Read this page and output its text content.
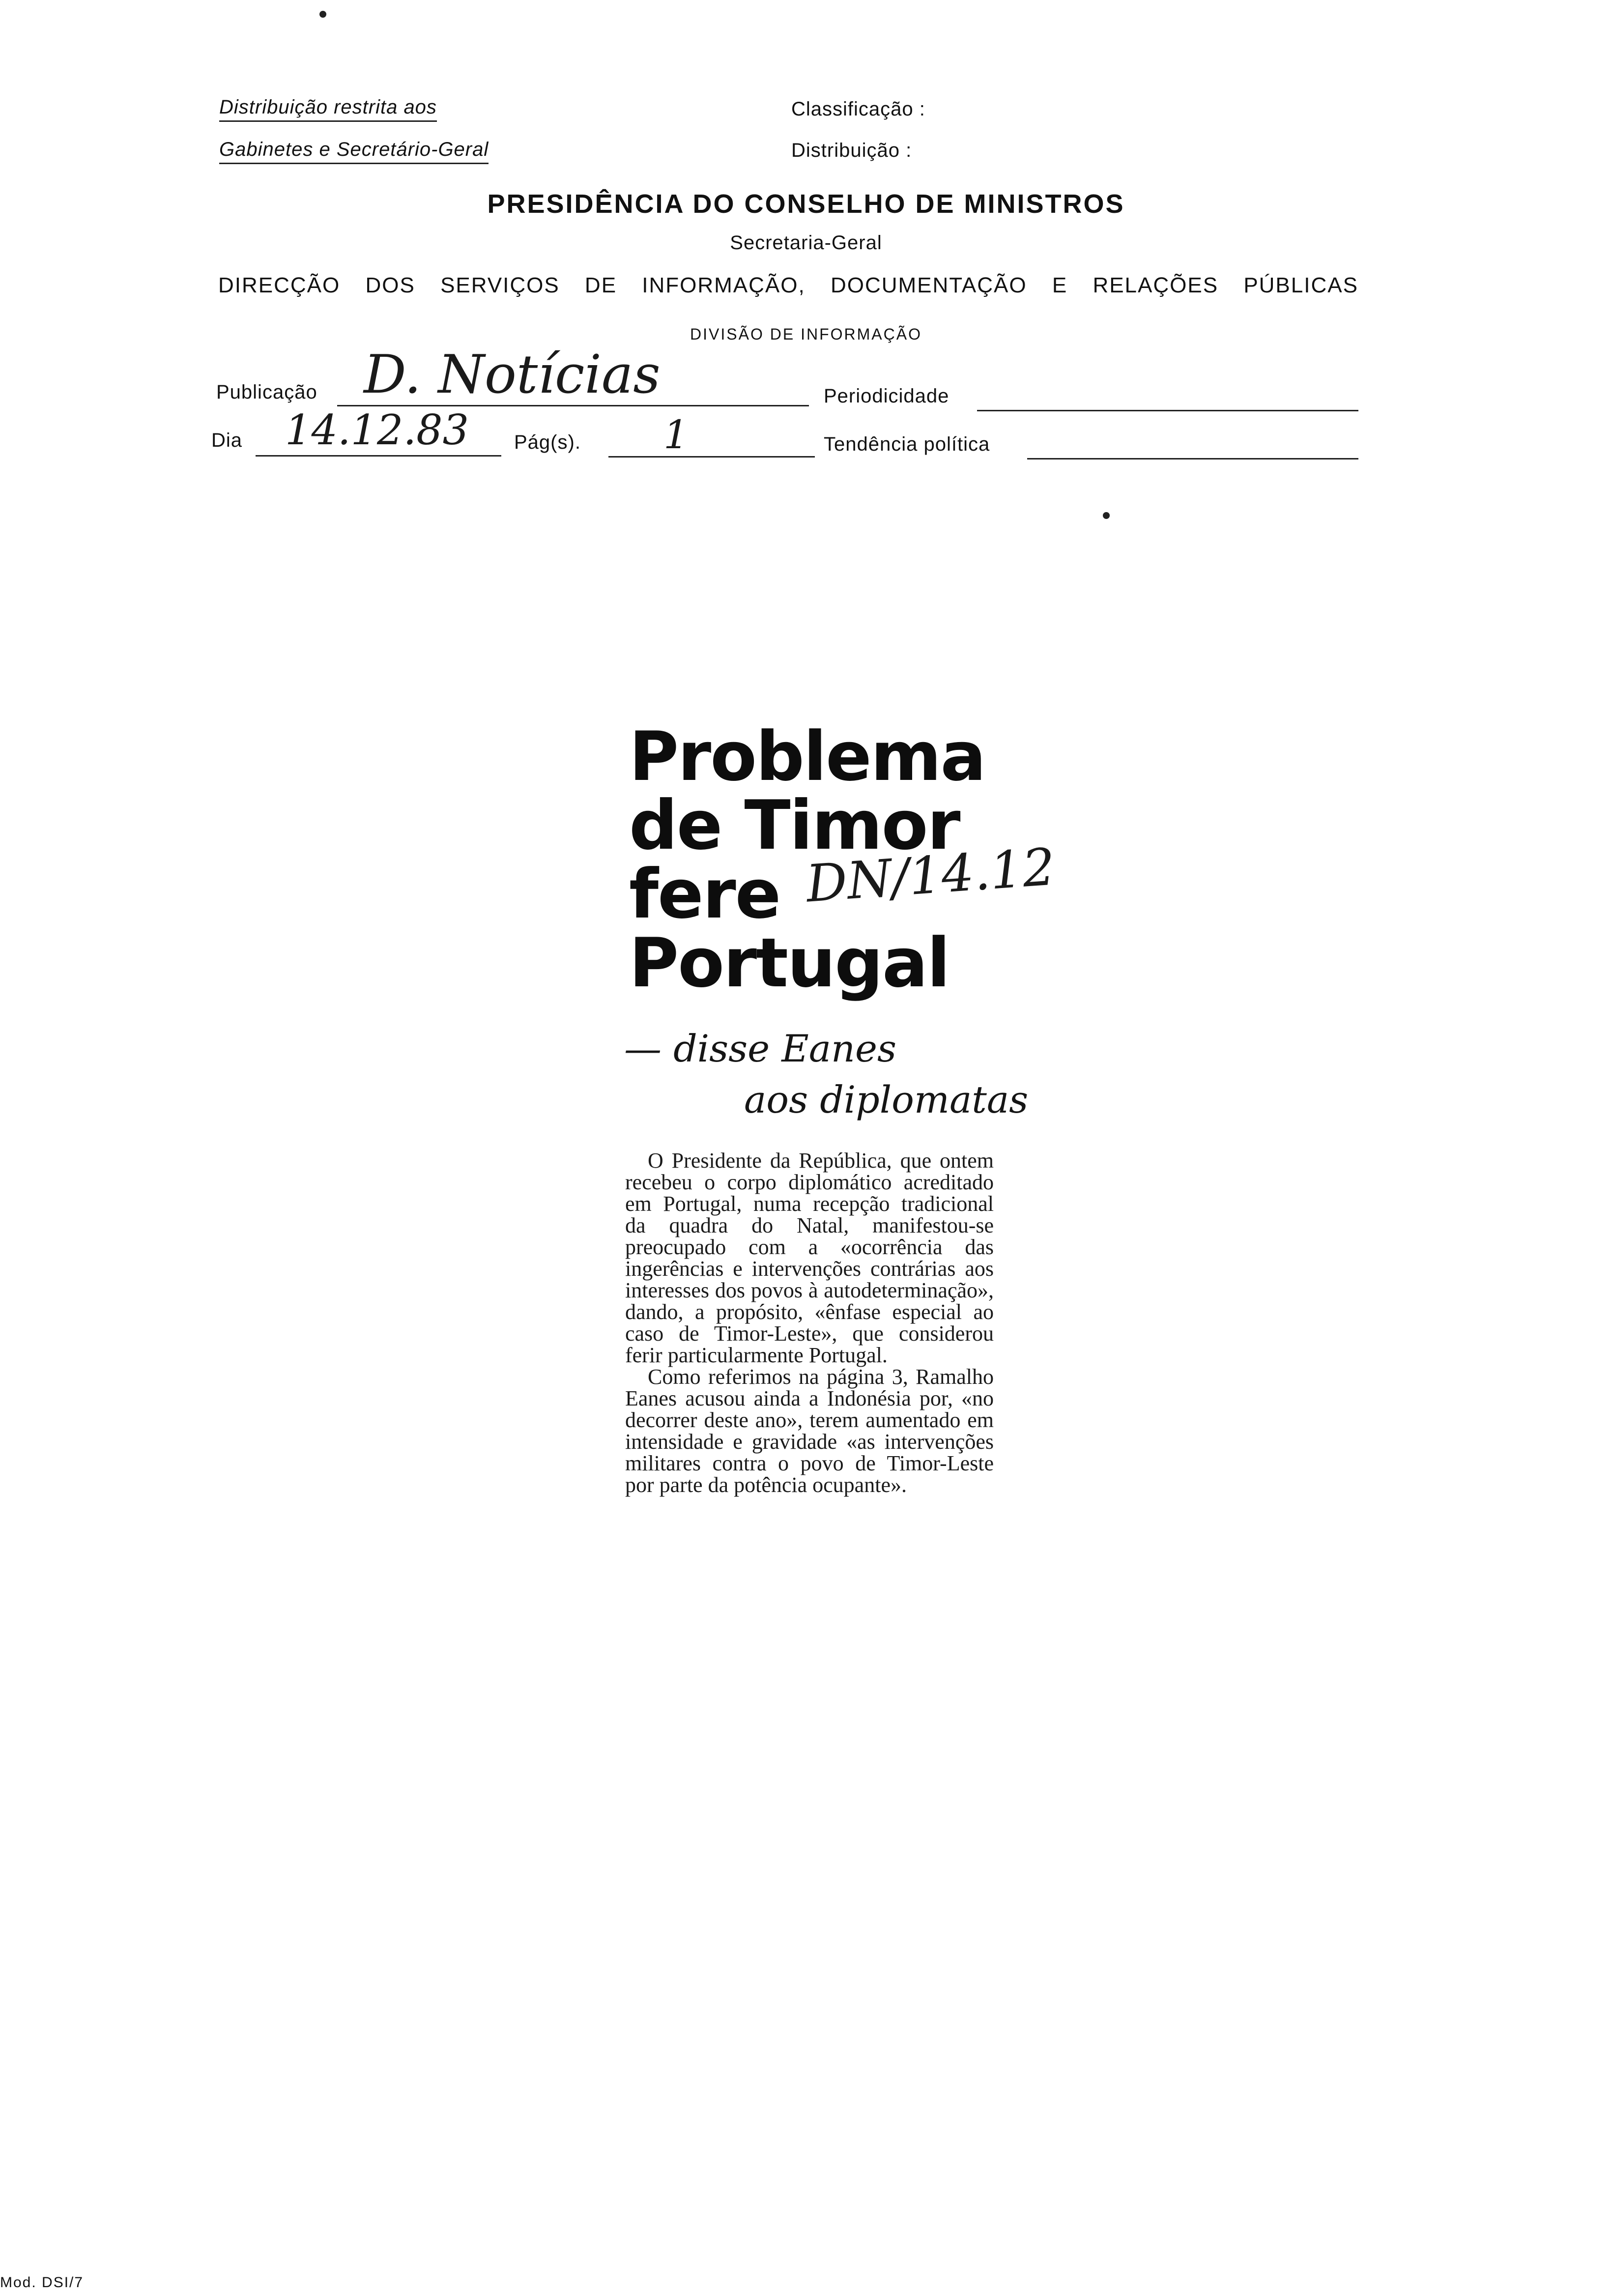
Distribuição restrita aos
Gabinetes e Secretário-Geral
Classificação :
Distribuição :
PRESIDÊNCIA DO CONSELHO DE MINISTROS
Secretaria-Geral
DIRECÇÃO DOS SERVIÇOS DE INFORMAÇÃO, DOCUMENTAÇÃO E RELAÇÕES PÚBLICAS
DIVISÃO DE INFORMAÇÃO
Publicação D. Notícias	Periodicidade
Dia 14.12.83 Pág(s). 1	Tendência política
Problema
de Timor
fere
Portugal
DN/14.12
— disse Eanes
aos diplomatas

O Presidente da República, que ontem recebeu o corpo diplomático acreditado em Portugal, numa recepção tradicional da quadra do Natal, manifestou-se preocupado com a «ocorrência das ingerências e intervenções contrárias aos interesses dos povos à autodeterminação», dando, a propósito, «ênfase especial ao caso de Timor-Leste», que considerou ferir particularmente Portugal.

Como referimos na página 3, Ramalho Eanes acusou ainda a Indonésia por, «no decorrer deste ano», terem aumentado em intensidade e gravidade «as intervenções militares contra o povo de Timor-Leste por parte da potência ocupante».

Mod. DSI/7
